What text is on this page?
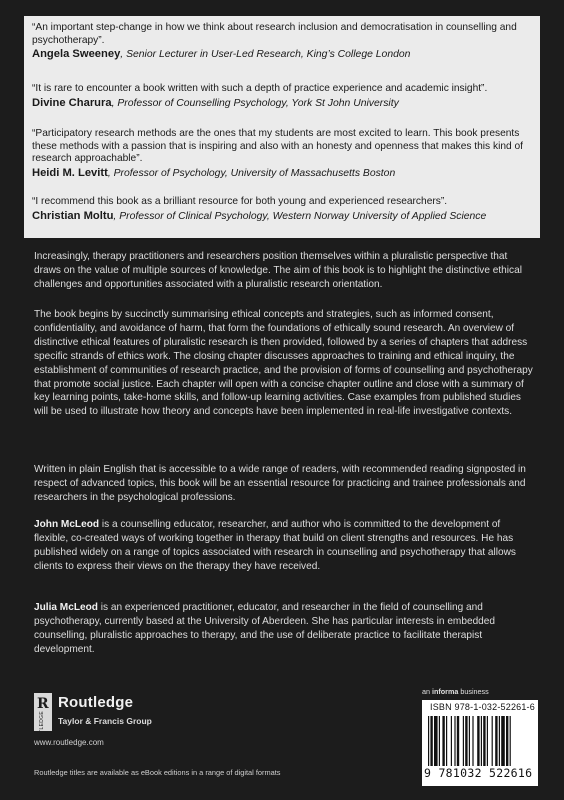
“An important step-change in how we think about research inclusion and democratisation in counselling and psychotherapy”.
Angela Sweeney, Senior Lecturer in User-Led Research, King’s College London
“It is rare to encounter a book written with such a depth of practice experience and academic insight”.
Divine Charura, Professor of Counselling Psychology, York St John University
“Participatory research methods are the ones that my students are most excited to learn. This book presents these methods with a passion that is inspiring and also with an honesty and openness that makes this kind of research approachable”.
Heidi M. Levitt, Professor of Psychology, University of Massachusetts Boston
“I recommend this book as a brilliant resource for both young and experienced researchers”.
Christian Moltu, Professor of Clinical Psychology, Western Norway University of Applied Science
Increasingly, therapy practitioners and researchers position themselves within a pluralistic perspective that draws on the value of multiple sources of knowledge. The aim of this book is to highlight the distinctive ethical challenges and opportunities associated with a pluralistic research orientation.
The book begins by succinctly summarising ethical concepts and strategies, such as informed consent, confidentiality, and avoidance of harm, that form the foundations of ethically sound research. An overview of distinctive ethical features of pluralistic research is then provided, followed by a series of chapters that address specific strands of ethics work. The closing chapter discusses approaches to training and ethical inquiry, the establishment of communities of research practice, and the provision of forms of counselling and psychotherapy that promote social justice. Each chapter will open with a concise chapter outline and close with a summary of key learning points, take-home skills, and follow-up learning activities. Case examples from published studies will be used to illustrate how theory and concepts have been implemented in real-life investigative contexts.
Written in plain English that is accessible to a wide range of readers, with recommended reading signposted in respect of advanced topics, this book will be an essential resource for practicing and trainee professionals and researchers in the psychological professions.
John McLeod is a counselling educator, researcher, and author who is committed to the development of flexible, co-created ways of working together in therapy that build on client strengths and resources. He has published widely on a range of topics associated with research in counselling and psychotherapy that allows clients to express their views on the therapy they have received.
Julia McLeod is an experienced practitioner, educator, and researcher in the field of counselling and psychotherapy, currently based at the University of Aberdeen. She has particular interests in embedded counselling, pluralistic approaches to therapy, and the use of deliberate practice to facilitate therapist development.
R
ROUTLEDGE
Routledge
Taylor & Francis Group
www.routledge.com
Routledge titles are available as eBook editions in a range of digital formats
an informa business
ISBN 978-1-032-52261-6
9 781032 522616
